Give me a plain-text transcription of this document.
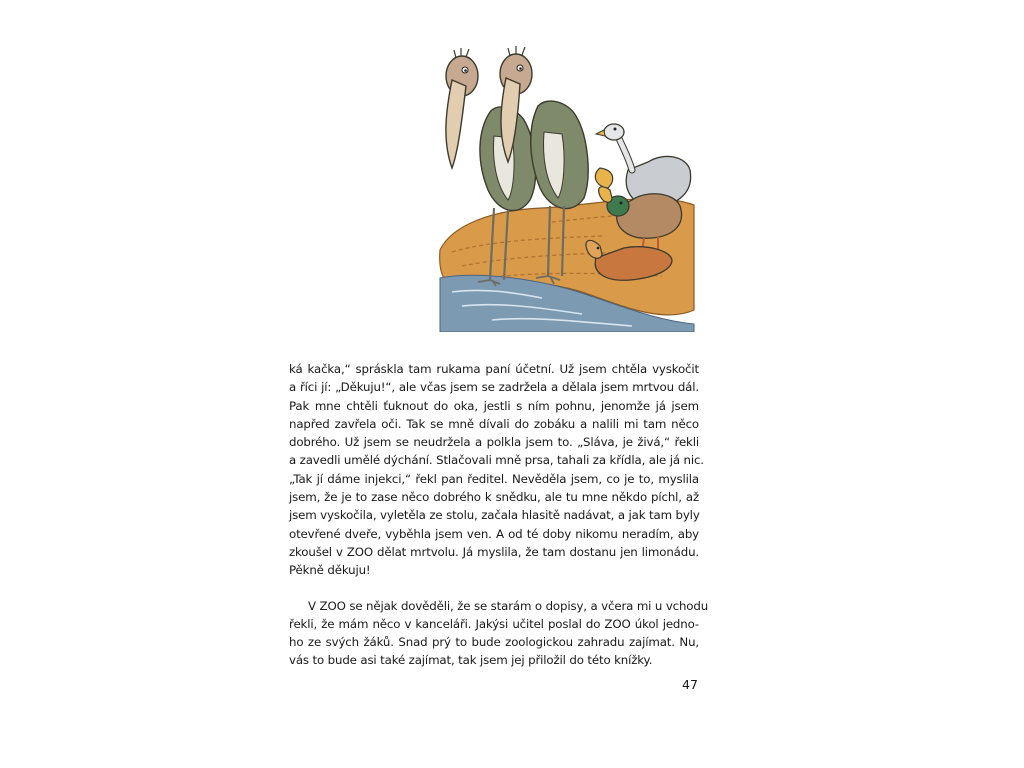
ká kačka,“ spráskla tam rukama paní účetní. Už jsem chtěla vyskočit
a říci jí: „Děkuju!“, ale včas jsem se zadržela a dělala jsem mrtvou dál.
Pak mne chtěli ťuknout do oka, jestli s ním pohnu, jenomže já jsem
napřed zavřela oči. Tak se mně dívali do zobáku a nalili mi tam něco
dobrého. Už jsem se neudržela a polkla jsem to. „Sláva, je živá,“ řekli
a zavedli umělé dýchání. Stlačovali mně prsa, tahali za křídla, ale já nic.
„Tak jí dáme injekci,“ řekl pan ředitel. Nevěděla jsem, co je to, myslila
jsem, že je to zase něco dobrého k snědku, ale tu mne někdo píchl, až
jsem vyskočila, vyletěla ze stolu, začala hlasitě nadávat, a jak tam byly
otevřené dveře, vyběhla jsem ven. A od té doby nikomu neradím, aby
zkoušel v ZOO dělat mrtvolu. Já myslila, že tam dostanu jen limonádu.
Pěkně děkuju!
V ZOO se nějak dověděli, že se starám o dopisy, a včera mi u vchodu
řekli, že mám něco v kanceláři. Jakýsi učitel poslal do ZOO úkol jedno-
ho ze svých žáků. Snad prý to bude zoologickou zahradu zajímat. Nu,
vás to bude asi také zajímat, tak jsem jej přiložil do této knížky.
47
